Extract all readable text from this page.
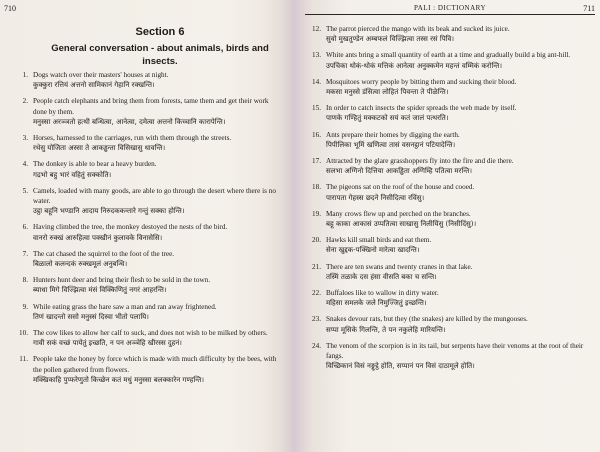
710
Section 6
General conversation - about animals, birds and insects.
1. Dogs watch over their masters' houses at night.
कुक्कुरा रत्तियं अत्तनो सामिकानं गेहानि रक्खन्ति।
2. People catch elephants and bring them from forests, tame them and get their work done by them.
मनुस्सा अरञ्ञतो हत्थी बन्धित्वा, आनेत्वा, दमेत्वा अत्तनो किच्चानि कारापेन्ति।
3. Horses, harnessed to the carriages, run with them through the streets.
रथेसु योजिता अस्सा ते आकड्ढन्ता विसिखासु धावन्ति।
4. The donkey is able to bear a heavy burden.
गद्रभो बहु भारं वहितुं सक्कोति।
5. Camels, loaded with many goods, are able to go through the desert where there is no water.
उट्ठा बहूनि भण्डानि आदाय निरुदककन्तारे गन्तुं सक्का होन्ति।
6. Having climbed the tree, the monkey destoyed the nests of the bird.
वानरो रुक्खं आरुहित्वा पक्खीनं कुलावके विनासेसि।
7. The cat chased the squirrel to the foot of the tree.
बिळालो कलन्दकं रुक्खमूलं अनुबन्धि।
8. Hunters hunt deer and bring their flesh to be sold in the town.
ब्याधा मिगे विज्झित्वा मंसं विक्किणितुं नगरं आहरन्ति।
9. While eating grass the hare saw a man and ran away frightened.
तिणं खादन्तो ससो मनुस्सं दिस्वा भीतो पलायि।
10. The cow likes to allow her calf to suck, and does not wish to be milked by others.
गावी सकं वच्छं पायेतुं इच्छति, न पन अञ्ञेहि खीरस्स दुहनं।
11. People take the honey by force which is made with much difficulty by the bees, with the pollen gathered from flowers.
मक्खिकाहि पुप्फरेणुतो किच्छेन कतं मधुं मनुस्सा बलक्कारेन गण्हन्ति।
PALI : DICTIONARY	711
12. The parrot pierced the mango with its beak and sucked its juice.
सुवो मुखतुण्डेन अम्बफलं विज्झित्वा तस्स रसं पिवि।
13. White ants bring a small quantity of earth at a time and gradually build a big ant-hill.
उपचिका थोकं-थोकं मत्तिकं आनेत्वा अनुक्कमेन महन्तं वम्मिकं करोन्ति।
14. Mosquitoes worry people by bitting them and sucking their blood.
मकसा मनुस्से डंसित्वा लोहितं पिवन्ता ते पीळेन्ति।
15. In order to catch insects the spider spreads the web made by itself.
पाणके गण्हितुं मक्कटको सयं कतं जालं पत्थरति।
16. Ants prepare their homes by digging the earth.
पिपीलिका भूमिं खणित्वा तासं वसनट्ठानं पटियादेन्ति।
17. Attracted by the glare grasshoppers fly into the fire and die there.
सलभा अग्गिनो दित्तिया आकड्ढिता अग्गिम्हि पतित्वा मरन्ति।
18. The pigeons sat on the roof of the house and cooed.
पारापता गेहस्स छदने निसीदित्वा रविंसु।
19. Many crows flew up and perched on the branches.
बहू काका आकासं उप्पतित्वा साखासु निलीयिंसु (निसीदिंसु)।
20. Hawks kill small birds and eat them.
सेना खुद्दक-पक्खिनो मारेत्वा खादन्ति।
21. There are ten swans and twenty cranes in that lake.
तस्मिं तळाके दस हंसा वीसति बका च सन्ति।
22. Buffaloes like to wallow in dirty water.
महिसा समलके जले निमुज्जितुं इच्छन्ति।
23. Snakes devour rats, but they (the snakes) are killed by the mungooses.
सप्पा मूसिके गिलन्ति, ते पन नकुलेहि मारियन्ति।
24. The venom of the scorpion is in its tail, but serpents have their venoms at the root of their fangs.
विच्छिकानं विसं नङ्गुट्ठे होति, सप्पानं पन विसं दाठामूले होति।
